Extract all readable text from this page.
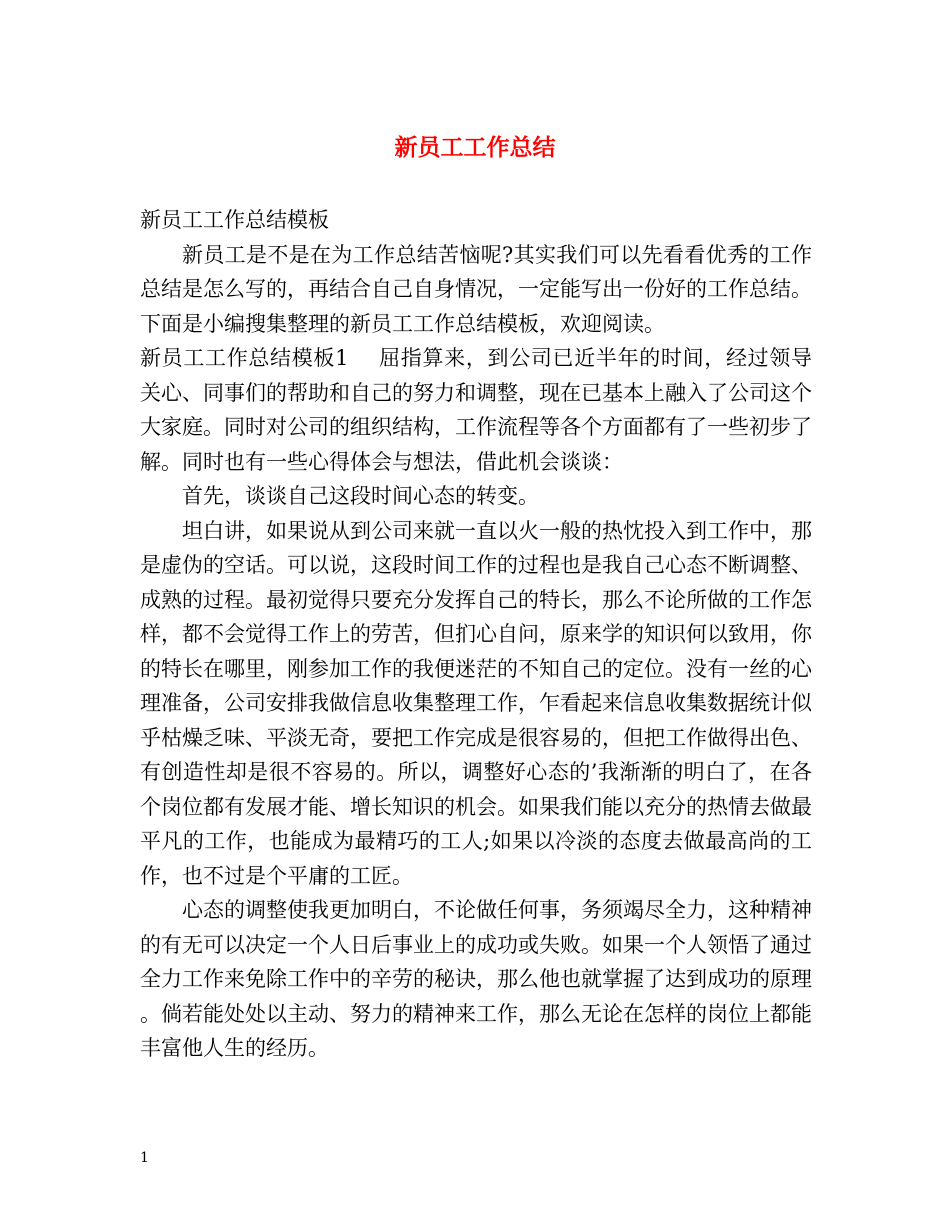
新员工工作总结

新员工工作总结模板

新员工是不是在为工作总结苦恼呢?其实我们可以先看看优秀的工作总结是怎么写的，再结合自己自身情况，一定能写出一份好的工作总结。下面是小编搜集整理的新员工工作总结模板，欢迎阅读。

新员工工作总结模板1 屈指算来，到公司已近半年的时间，经过领导关心、同事们的帮助和自己的努力和调整，现在已基本上融入了公司这个大家庭。同时对公司的组织结构，工作流程等各个方面都有了一些初步了解。同时也有一些心得体会与想法，借此机会谈谈：

首先，谈谈自己这段时间心态的转变。

坦白讲，如果说从到公司来就一直以火一般的热忱投入到工作中，那是虚伪的空话。可以说，这段时间工作的过程也是我自己心态不断调整、成熟的过程。最初觉得只要充分发挥自己的特长，那么不论所做的工作怎样，都不会觉得工作上的劳苦，但扪心自问，原来学的知识何以致用，你的特长在哪里，刚参加工作的我便迷茫的不知自己的定位。没有一丝的心理准备，公司安排我做信息收集整理工作，乍看起来信息收集数据统计似乎枯燥乏味、平淡无奇，要把工作完成是很容易的，但把工作做得出色、有创造性却是很不容易的。所以，调整好心态的’我渐渐的明白了，在各个岗位都有发展才能、增长知识的机会。如果我们能以充分的热情去做最平凡的工作，也能成为最精巧的工人;如果以冷淡的态度去做最高尚的工作，也不过是个平庸的工匠。

心态的调整使我更加明白，不论做任何事，务须竭尽全力，这种精神的有无可以决定一个人日后事业上的成功或失败。如果一个人领悟了通过全力工作来免除工作中的辛劳的秘诀，那么他也就掌握了达到成功的原理。倘若能处处以主动、努力的精神来工作，那么无论在怎样的岗位上都能丰富他人生的经历。

1
